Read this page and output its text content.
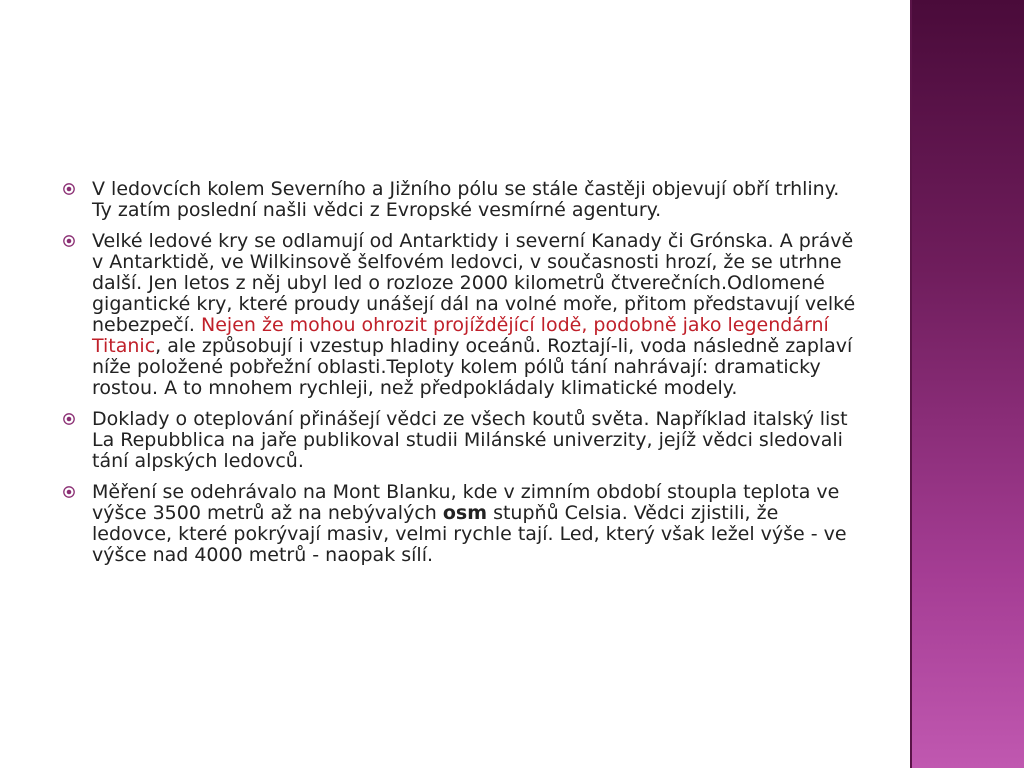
V ledovcích kolem Severního a Jižního pólu se stále častěji objevují obří trhliny. Ty zatím poslední našli vědci z Evropské vesmírné agentury.
Velké ledové kry se odlamují od Antarktidy i severní Kanady či Grónska. A právě v Antarktidě, ve Wilkinsově šelfovém ledovci, v současnosti hrozí, že se utrhne další. Jen letos z něj ubyl led o rozloze 2000 kilometrů čtverečních.Odlomené gigantické kry, které proudy unášejí dál na volné moře, přitom představují velké nebezpečí. Nejen že mohou ohrozit projíždějící lodě, podobně jako legendární Titanic, ale způsobují i vzestup hladiny oceánů. Roztají-li, voda následně zaplaví níže položené pobřežní oblasti.Teploty kolem pólů tání nahrávají: dramaticky rostou. A to mnohem rychleji, než předpokládaly klimatické modely.
Doklady o oteplování přinášejí vědci ze všech koutů světa. Například italský list La Repubblica na jaře publikoval studii Milánské univerzity, jejíž vědci sledovali tání alpských ledovců.
Měření se odehrávalo na Mont Blanku, kde v zimním období stoupla teplota ve výšce 3500 metrů až na nebývalých osm stupňů Celsia. Vědci zjistili, že ledovce, které pokrývají masiv, velmi rychle tají. Led, který však ležel výše - ve výšce nad 4000 metrů - naopak sílí.
